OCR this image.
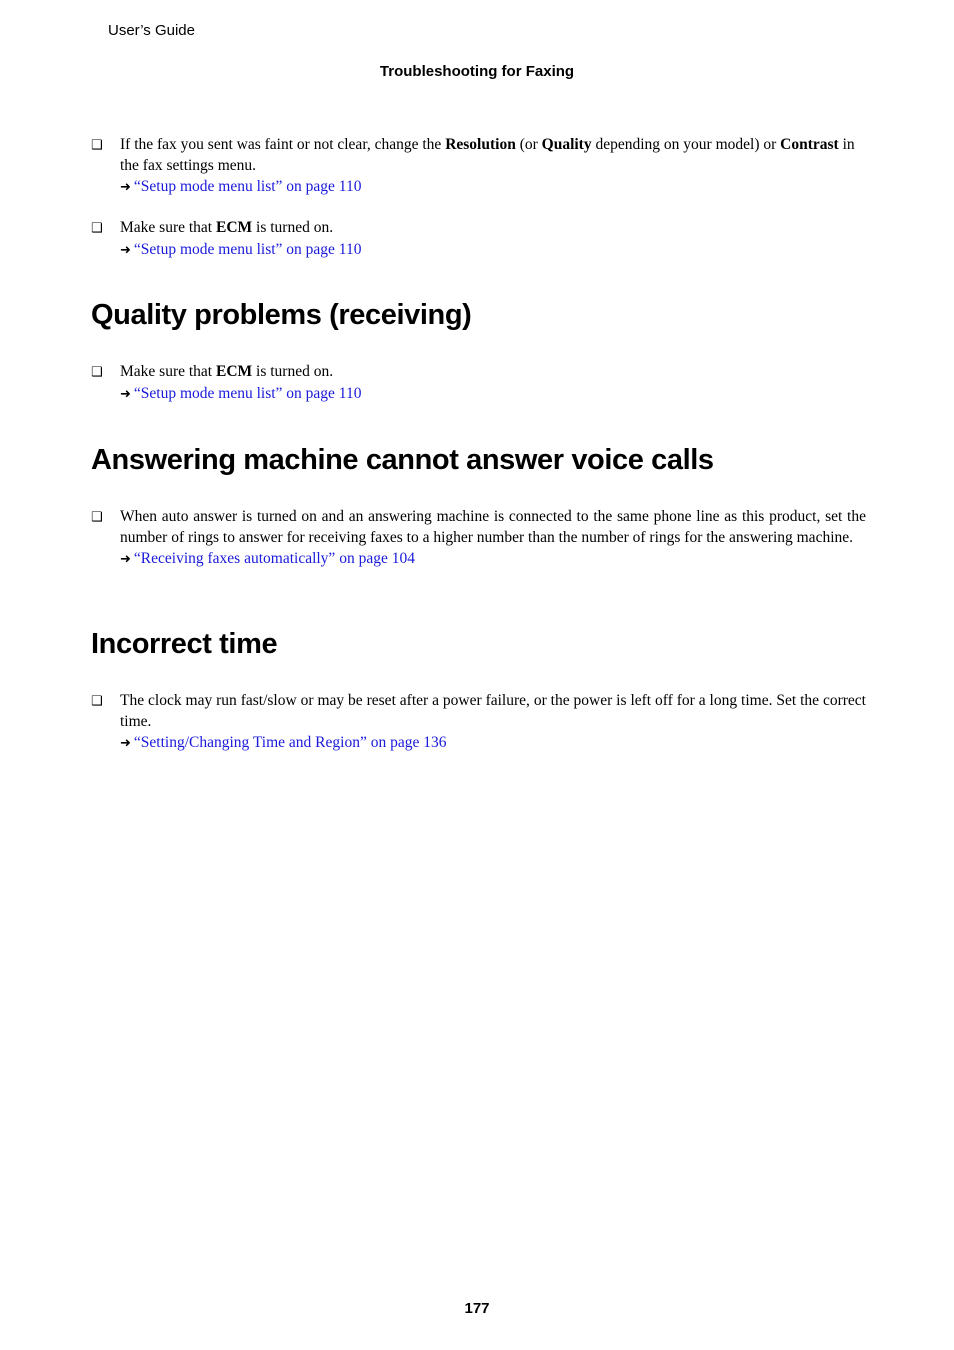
User’s Guide
Troubleshooting for Faxing
❑ If the fax you sent was faint or not clear, change the Resolution (or Quality depending on your model) or Contrast in the fax settings menu.
➜ “Setup mode menu list” on page 110
❑ Make sure that ECM is turned on.
➜ “Setup mode menu list” on page 110
Quality problems (receiving)
❑ Make sure that ECM is turned on.
➜ “Setup mode menu list” on page 110
Answering machine cannot answer voice calls
❑ When auto answer is turned on and an answering machine is connected to the same phone line as this product, set the number of rings to answer for receiving faxes to a higher number than the number of rings for the answering machine.
➜ “Receiving faxes automatically” on page 104
Incorrect time
❑ The clock may run fast/slow or may be reset after a power failure, or the power is left off for a long time. Set the correct time.
➜ “Setting/Changing Time and Region” on page 136
177
